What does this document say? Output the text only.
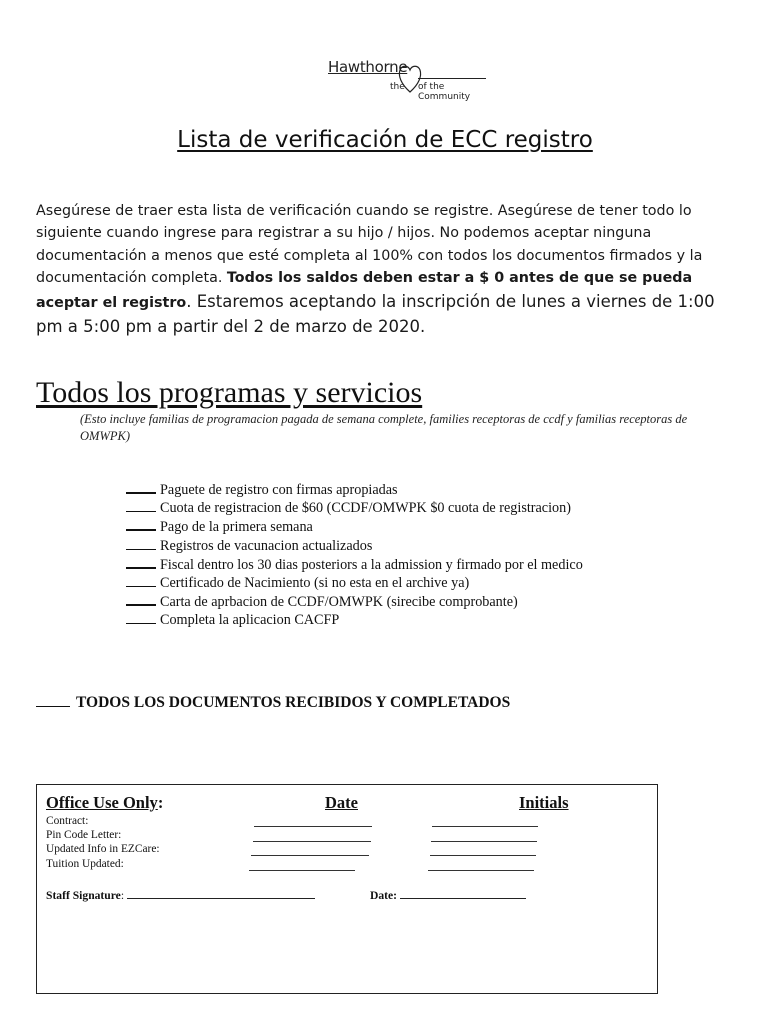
Hawthorne
the of the Community
Lista de verificación de ECC registro
Asegúrese de traer esta lista de verificación cuando se registre. Asegúrese de tener todo lo siguiente cuando ingrese para registrar a su hijo / hijos. No podemos aceptar ninguna documentación a menos que esté completa al 100% con todos los documentos firmados y la documentación completa. Todos los saldos deben estar a $ 0 antes de que se pueda aceptar el registro. Estaremos aceptando la inscripción de lunes a viernes de 1:00 pm a 5:00 pm a partir del 2 de marzo de 2020.
Todos los programas y servicios
(Esto incluye familias de programacion pagada de semana complete, families receptoras de ccdf y familias receptoras de OMWPK)
Paguete de registro con firmas apropiadas
Cuota de registracion de $60 (CCDF/OMWPK $0 cuota de registracion)
Pago de la primera semana
Registros de vacunacion actualizados
Fiscal dentro los 30 dias posteriors a la admission y firmado por el medico
Certificado de Nacimiento (si no esta en el archive ya)
Carta de aprbacion de CCDF/OMWPK (sirecibe comprobante)
Completa la aplicacion CACFP
TODOS LOS DOCUMENTOS RECIBIDOS Y COMPLETADOS
Office Use Only:	Date	Initials
Contract:
Pin Code Letter:
Updated Info in EZCare:
Tuition Updated:
Staff Signature:	Date:
